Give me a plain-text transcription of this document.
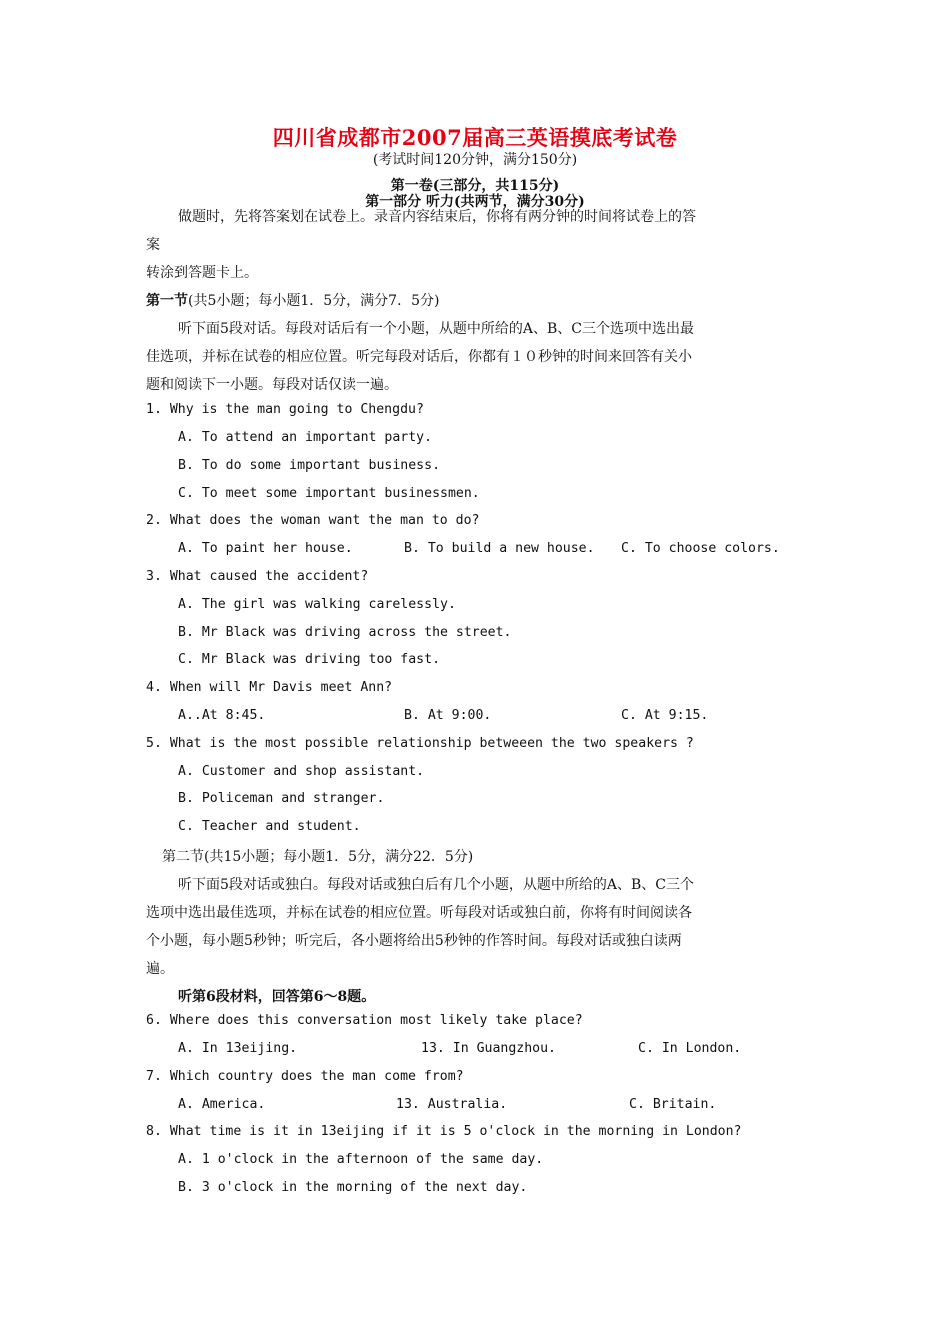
四川省成都市2007届高三英语摸底考试卷
(考试时间120分钟，满分150分)
第一卷(三部分，共115分)
第一部分 听力(共两节，满分30分)
做题时，先将答案划在试卷上。录音内容结束后，你将有两分钟的时间将试卷上的答
案
转涂到答题卡上。
第一节(共5小题；每小题1．5分，满分7．5分)
听下面5段对话。每段对话后有一个小题，从题中所给的A、B、C三个选项中选出最
佳选项，并标在试卷的相应位置。听完每段对话后，你都有１０秒钟的时间来回答有关小
题和阅读下一小题。每段对话仅读一遍。
1. Why is the man going to Chengdu?
A. To attend an important party.
B. To do some important business.
C. To meet some important businessmen.
2. What does the woman want the man to do?
A. To paint her house.	B. To build a new house. C. To choose colors.
3. What caused the accident?
A. The girl was walking carelessly.
B. Mr Black was driving across the street.
C. Mr Black was driving too fast.
4. When will Mr Davis meet Ann?
A..At 8:45.	B. At 9:00.	C. At 9:15.
5. What is the most possible relationship betweeen the two speakers ?
A. Customer and shop assistant.
B. Policeman and stranger.
C. Teacher and student.
第二节(共15小题；每小题1．5分，满分22．5分)
听下面5段对话或独白。每段对话或独白后有几个小题，从题中所给的A、B、C三个
选项中选出最佳选项，并标在试卷的相应位置。听每段对话或独白前，你将有时间阅读各
个小题，每小题5秒钟；听完后，各小题将给出5秒钟的作答时间。每段对话或独白读两
遍。
听第6段材料，回答第6～8题。
6. Where does this conversation most likely take place?
A. In 13eijing.	13. In Guangzhou.	C. In London.
7. Which country does the man come from?
A. America.	13. Australia.	C. Britain.
8. What time is it in 13eijing if it is 5 o'clock in the morning in London?
A. 1 o'clock in the afternoon of the same day.
B. 3 o'clock in the morning of the next day.
